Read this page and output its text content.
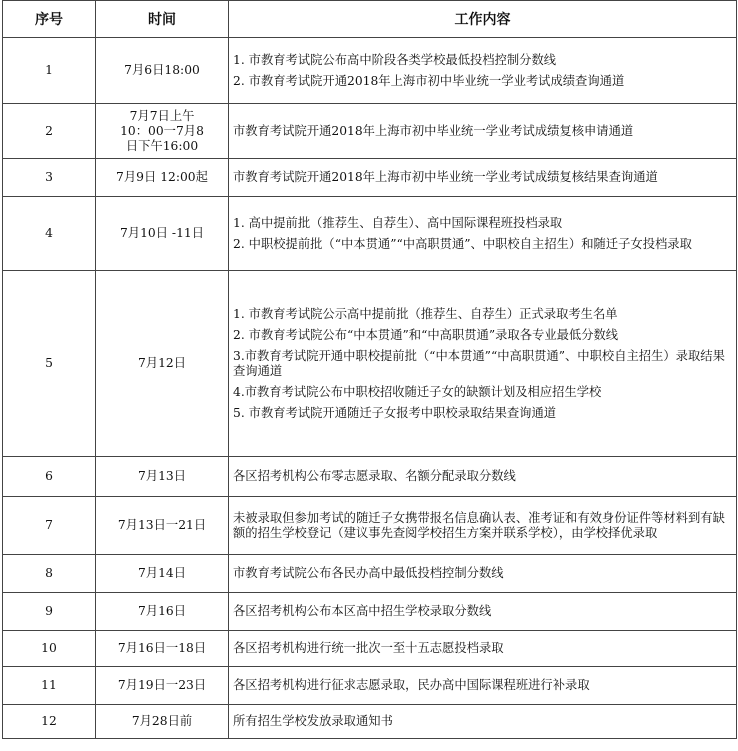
序号	时间	工作内容
1	7月6日18:00	1. 市教育考试院公布高中阶段各类学校最低投档控制分数线
2. 市教育考试院开通2018年上海市初中毕业统一学业考试成绩查询通道

2	7月7日上午
10：00一7月8
日下午16:00	市教育考试院开通2018年上海市初中毕业统一学业考试成绩复核申请通道

3	7月9日 12:00起	市教育考试院开通2018年上海市初中毕业统一学业考试成绩复核结果查询通道

4	7月10日 -11日	1. 高中提前批（推荐生、自荐生）、高中国际课程班投档录取
2. 中职校提前批（“中本贯通”“中高职贯通”、中职校自主招生）和随迁子女投档录取

5	7月12日	1. 市教育考试院公示高中提前批（推荐生、自荐生）正式录取考生名单
2. 市教育考试院公布“中本贯通”和“中高职贯通”录取各专业最低分数线
3.市教育考试院开通中职校提前批（“中本贯通”“中高职贯通”、中职校自主招生）录取结果查询通道
4.市教育考试院公布中职校招收随迁子女的缺额计划及相应招生学校
5. 市教育考试院开通随迁子女报考中职校录取结果查询通道

6	7月13日	各区招考机构公布零志愿录取、名额分配录取分数线

7	7月13日一21日	未被录取但参加考试的随迁子女携带报名信息确认表、准考证和有效身份证件等材料到有缺额的招生学校登记（建议事先查阅学校招生方案并联系学校），由学校择优录取

8	7月14日	市教育考试院公布各民办高中最低投档控制分数线

9	7月16日	各区招考机构公布本区高中招生学校录取分数线

10	7月16日一18日	各区招考机构进行统一批次一至十五志愿投档录取

11	7月19日一23日	各区招考机构进行征求志愿录取，民办高中国际课程班进行补录取

12	7月28日前	所有招生学校发放录取通知书
